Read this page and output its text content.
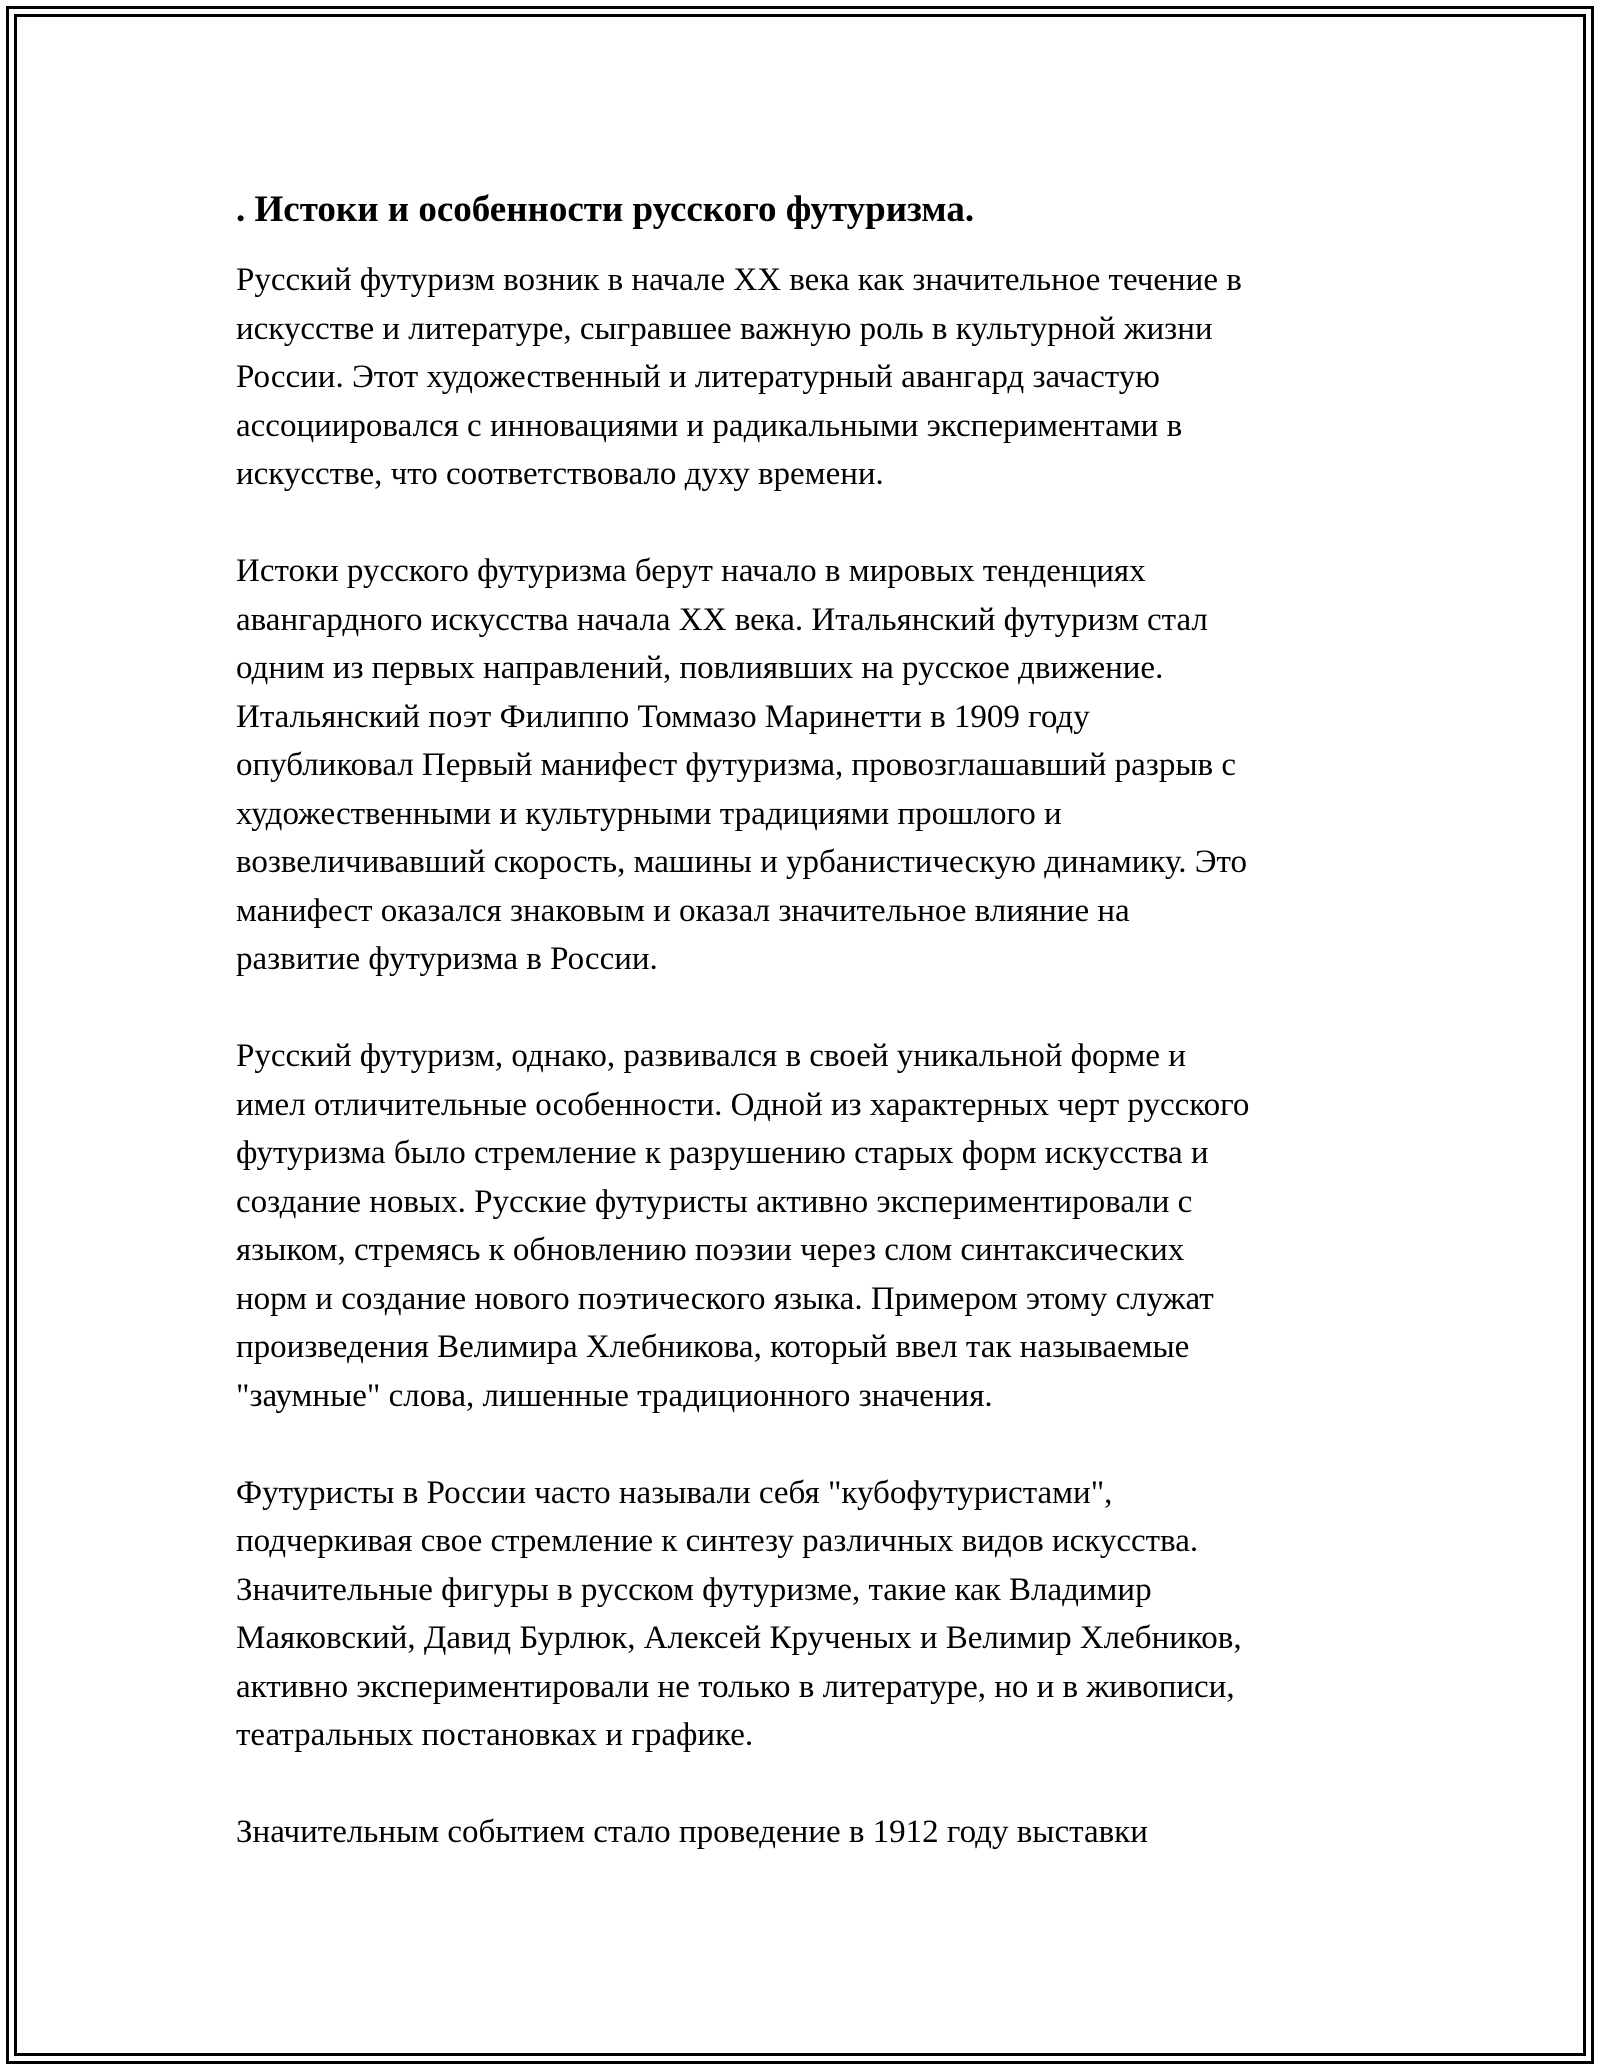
. Истоки и особенности русского футуризма.
Русский футуризм возник в начале XX века как значительное течение в
искусстве и литературе, сыгравшее важную роль в культурной жизни
России. Этот художественный и литературный авангард зачастую
ассоциировался с инновациями и радикальными экспериментами в
искусстве, что соответствовало духу времени.
Истоки русского футуризма берут начало в мировых тенденциях
авангардного искусства начала XX века. Итальянский футуризм стал
одним из первых направлений, повлиявших на русское движение.
Итальянский поэт Филиппо Томмазо Маринетти в 1909 году
опубликовал Первый манифест футуризма, провозглашавший разрыв с
художественными и культурными традициями прошлого и
возвеличивавший скорость, машины и урбанистическую динамику. Это
манифест оказался знаковым и оказал значительное влияние на
развитие футуризма в России.
Русский футуризм, однако, развивался в своей уникальной форме и
имел отличительные особенности. Одной из характерных черт русского
футуризма было стремление к разрушению старых форм искусства и
создание новых. Русские футуристы активно экспериментировали с
языком, стремясь к обновлению поэзии через слом синтаксических
норм и создание нового поэтического языка. Примером этому служат
произведения Велимира Хлебникова, который ввел так называемые
"заумные" слова, лишенные традиционного значения.
Футуристы в России часто называли себя "кубофутуристами",
подчеркивая свое стремление к синтезу различных видов искусства.
Значительные фигуры в русском футуризме, такие как Владимир
Маяковский, Давид Бурлюк, Алексей Крученых и Велимир Хлебников,
активно экспериментировали не только в литературе, но и в живописи,
театральных постановках и графике.
Значительным событием стало проведение в 1912 году выставки
